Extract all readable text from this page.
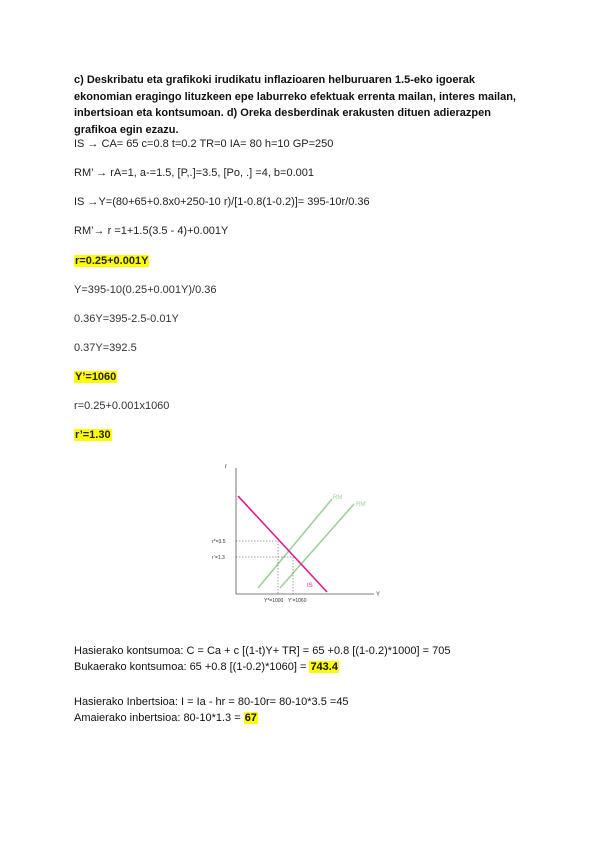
c) Deskribatu eta grafikoki irudikatu inflazioaren helburuaren 1.5-eko igoerak ekonomian eragingo lituzkeen epe laburreko efektuak errenta mailan, interes mailan, inbertsioan eta kontsumoan. d) Oreka desberdinak erakusten dituen adierazpen grafikoa egin ezazu.
IS → CA= 65 c=0.8 t=0.2 TR=0 IA= 80 h=10 GP=250
RM’ → rA=1, a-=1.5, [P,.]=3.5, [Po, .] =4, b=0.001
IS →Y=(80+65+0.8x0+250-10 r)/[1-0.8(1-0.2)]= 395-10r/0.36
RM’→ r =1+1.5(3.5 - 4)+0.001Y
r=0.25+0.001Y
Y=395-10(0.25+0.001Y)/0.36
0.36Y=395-2.5-0.01Y
0.37Y=392.5
Y’=1060
r=0.25+0.001x1060
r’=1.30
r
Y
RM
RM'
IS
r*=3.5
r’=1.3
Y*=1000 Y’=1060
Hasierako kontsumoa: C = Ca + c [(1-t)Y+ TR] = 65 +0.8 [(1-0.2)*1000] = 705
Bukaerako kontsumoa: 65 +0.8 [(1-0.2)*1060] = 743.4
Hasierako Inbertsioa: I = Ia - hr = 80-10r= 80-10*3.5 =45
Amaierako inbertsioa: 80-10*1.3 = 67
